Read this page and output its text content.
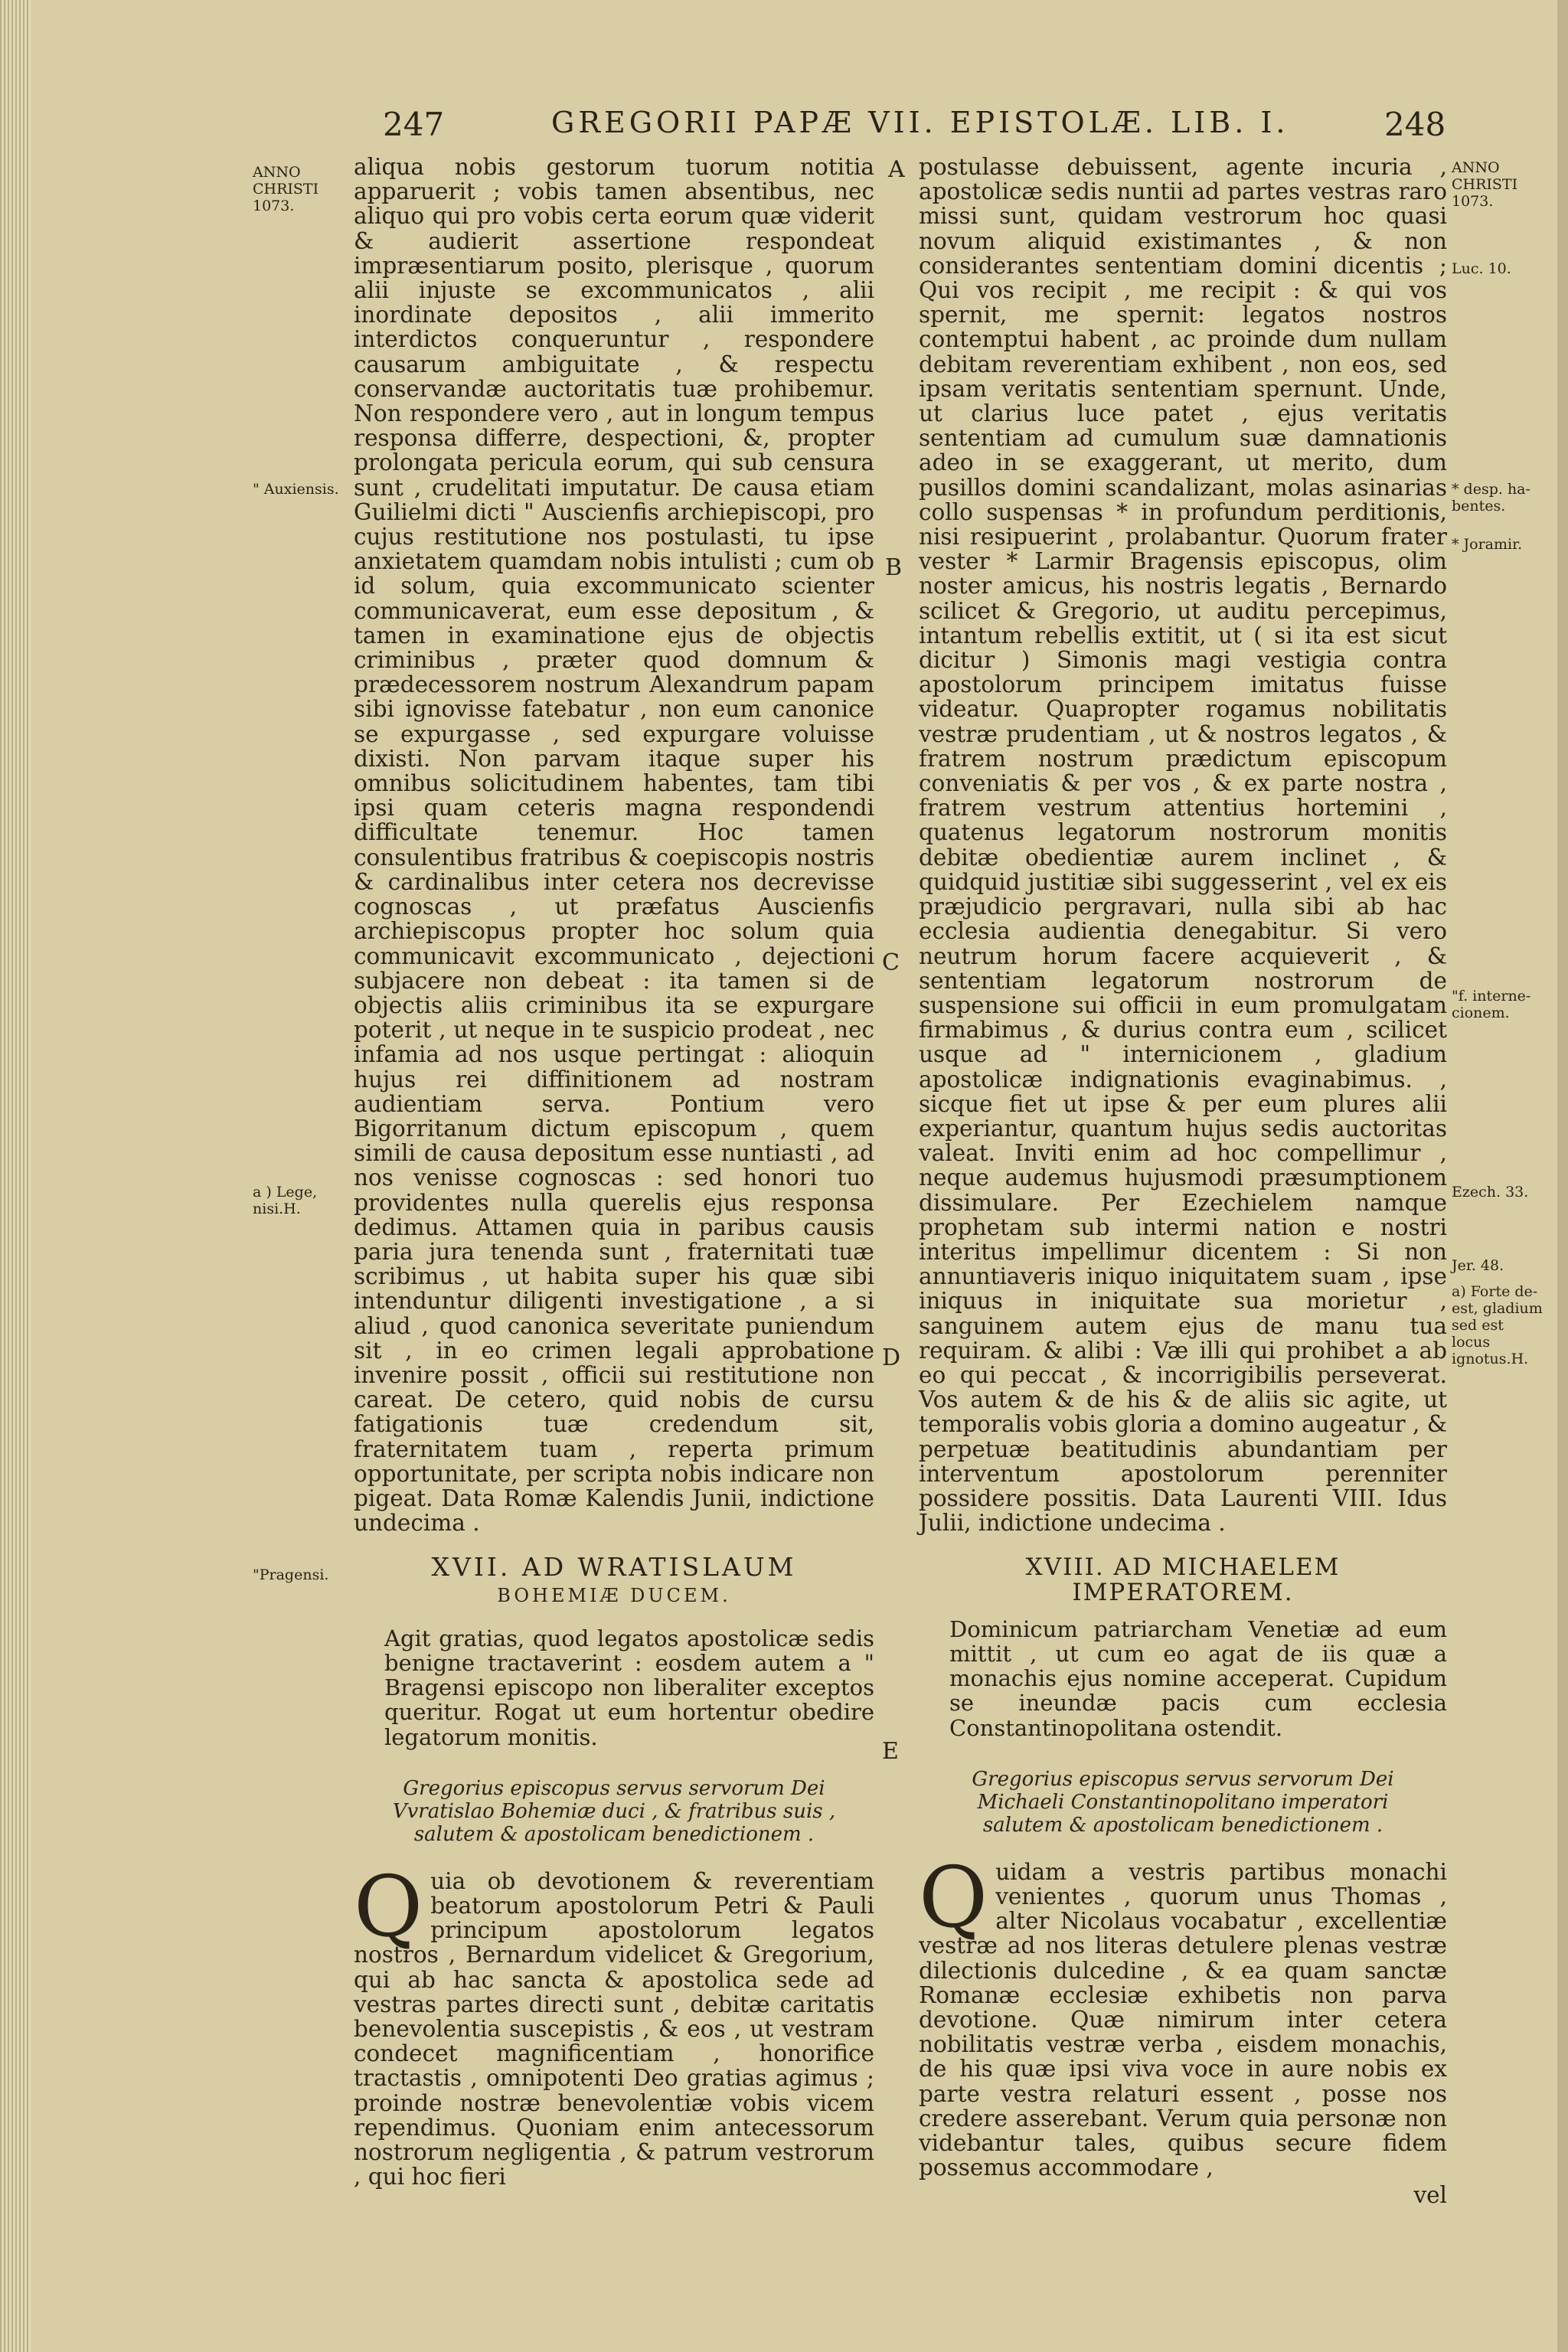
247	GREGORII PAPÆ VII. EPISTOLÆ. LIB. I.	248
ANNO
CHRISTI
1073.
" Auxiensis.
a ) Lege,
nisi.H.
"Pragensi.
ANNO
CHRISTI
1073.
Luc. 10.
* desp. ha-
bentes.
* Joramir.
"f. interne-
cionem.
Ezech. 33.
Jer. 48.
a) Forte de-
est, gladium
sed est locus
ignotus.H.
A
B
C
D
E

aliqua nobis gestorum tuorum notitia apparuerit ; vobis tamen absentibus, nec aliquo qui pro vobis certa eorum quæ viderit & audierit assertione respondeat impræsentiarum posito, plerisque , quorum alii injuste se excommunicatos , alii inordinate depositos , alii immerito interdictos conqueruntur , respondere causarum ambiguitate , & respectu conservandæ auctoritatis tuæ prohibemur. Non respondere vero , aut in longum tempus responsa differre, despectioni, &, propter prolongata pericula eorum, qui sub censura sunt , crudelitati imputatur. De causa etiam Guilielmi dicti " Auscienfis archiepiscopi, pro cujus restitutione nos postulasti, tu ipse anxietatem quamdam nobis intulisti ; cum ob id solum, quia excommunicato scienter communicaverat, eum esse depositum , & tamen in examinatione ejus de objectis criminibus , præter quod domnum & prædecessorem nostrum Alexandrum papam sibi ignovisse fatebatur , non eum canonice se expurgasse , sed expurgare voluisse dixisti. Non parvam itaque super his omnibus solicitudinem habentes, tam tibi ipsi quam ceteris magna respondendi difficultate tenemur. Hoc tamen consulentibus fratribus & coepiscopis nostris & cardinalibus inter cetera nos decrevisse cognoscas , ut præfatus Auscienfis archiepiscopus propter hoc solum quia communicavit excommunicato , dejectioni subjacere non debeat : ita tamen si de objectis aliis criminibus ita se expurgare poterit , ut neque in te suspicio prodeat , nec infamia ad nos usque pertingat : alioquin hujus rei diffinitionem ad nostram audientiam serva. Pontium vero Bigorritanum dictum episcopum , quem simili de causa depositum esse nuntiasti , ad nos venisse cognoscas : sed honori tuo providentes nulla querelis ejus responsa dedimus. Attamen quia in paribus causis paria jura tenenda sunt , fraternitati tuæ scribimus , ut habita super his quæ sibi intenduntur diligenti investigatione , a si aliud , quod canonica severitate puniendum sit , in eo crimen legali approbatione invenire possit , officii sui restitutione non careat. De cetero, quid nobis de cursu fatigationis tuæ credendum sit, fraternitatem tuam , reperta primum opportunitate, per scripta nobis indicare non pigeat. Data Romæ Kalendis Junii, indictione undecima .

XVII. AD WRATISLAUM
BOHEMIÆ DUCEM.

Agit gratias, quod legatos apostolicæ sedis benigne tractaverint : eosdem autem a " Bragensi episcopo non liberaliter exceptos queritur. Rogat ut eum hortentur obedire legatorum monitis.

Gregorius episcopus servus servorum Dei Vvratislao Bohemiæ duci , & fratribus suis , salutem & apostolicam benedictionem .

Quia ob devotionem & reverentiam beatorum apostolorum Petri & Pauli principum apostolorum legatos nostros , Bernardum videlicet & Gregorium, qui ab hac sancta & apostolica sede ad vestras partes directi sunt , debitæ caritatis benevolentia suscepistis , & eos , ut vestram condecet magnificentiam , honorifice tractastis , omnipotenti Deo gratias agimus ; proinde nostræ benevolentiæ vobis vicem rependimus. Quoniam enim antecessorum nostrorum negligentia , & patrum vestrorum , qui hoc fieri

postulasse debuissent, agente incuria , apostolicæ sedis nuntii ad partes vestras raro missi sunt, quidam vestrorum hoc quasi novum aliquid existimantes , & non considerantes sententiam domini dicentis ; Qui vos recipit , me recipit : & qui vos spernit, me spernit: legatos nostros contemptui habent , ac proinde dum nullam debitam reverentiam exhibent , non eos, sed ipsam veritatis sententiam spernunt. Unde, ut clarius luce patet , ejus veritatis sententiam ad cumulum suæ damnationis adeo in se exaggerant, ut merito, dum pusillos domini scandalizant, molas asinarias collo suspensas * in profundum perditionis, nisi resipuerint , prolabantur. Quorum frater vester * Larmir Bragensis episcopus, olim noster amicus, his nostris legatis , Bernardo scilicet & Gregorio, ut auditu percepimus, intantum rebellis extitit, ut ( si ita est sicut dicitur ) Simonis magi vestigia contra apostolorum principem imitatus fuisse videatur. Quapropter rogamus nobilitatis vestræ prudentiam , ut & nostros legatos , & fratrem nostrum prædictum episcopum conveniatis & per vos , & ex parte nostra , fratrem vestrum attentius hortemini , quatenus legatorum nostrorum monitis debitæ obedientiæ aurem inclinet , & quidquid justitiæ sibi suggesserint , vel ex eis præjudicio pergravari, nulla sibi ab hac ecclesia audientia denegabitur. Si vero neutrum horum facere acquieverit , & sententiam legatorum nostrorum de suspensione sui officii in eum promulgatam firmabimus , & durius contra eum , scilicet usque ad " internicionem , gladium apostolicæ indignationis evaginabimus. , sicque fiet ut ipse & per eum plures alii experiantur, quantum hujus sedis auctoritas valeat. Inviti enim ad hoc compellimur , neque audemus hujusmodi præsumptionem dissimulare. Per Ezechielem namque prophetam sub intermi nation e nostri interitus impellimur dicentem : Si non annuntiaveris iniquo iniquitatem suam , ipse iniquus in iniquitate sua morietur , sanguinem autem ejus de manu tua requiram. & alibi : Væ illi qui prohibet a ab eo qui peccat , & incorrigibilis perseverat. Vos autem & de his & de aliis sic agite, ut temporalis vobis gloria a domino augeatur , & perpetuæ beatitudinis abundantiam per interventum apostolorum perenniter possidere possitis. Data Laurenti VIII. Idus Julii, indictione undecima .

XVIII. AD MICHAELEM IMPERATOREM.

Dominicum patriarcham Venetiæ ad eum mittit , ut cum eo agat de iis quæ a monachis ejus nomine acceperat. Cupidum se ineundæ pacis cum ecclesia Constantinopolitana ostendit.

Gregorius episcopus servus servorum Dei Michaeli Constantinopolitano imperatori salutem & apostolicam benedictionem .

Quidam a vestris partibus monachi venientes , quorum unus Thomas , alter Nicolaus vocabatur , excellentiæ vestræ ad nos literas detulere plenas vestræ dilectionis dulcedine , & ea quam sanctæ Romanæ ecclesiæ exhibetis non parva devotione. Quæ nimirum inter cetera nobilitatis vestræ verba , eisdem monachis, de his quæ ipsi viva voce in aure nobis ex parte vestra relaturi essent , posse nos credere asserebant. Verum quia personæ non videbantur tales, quibus secure fidem possemus accommodare ,

vel
